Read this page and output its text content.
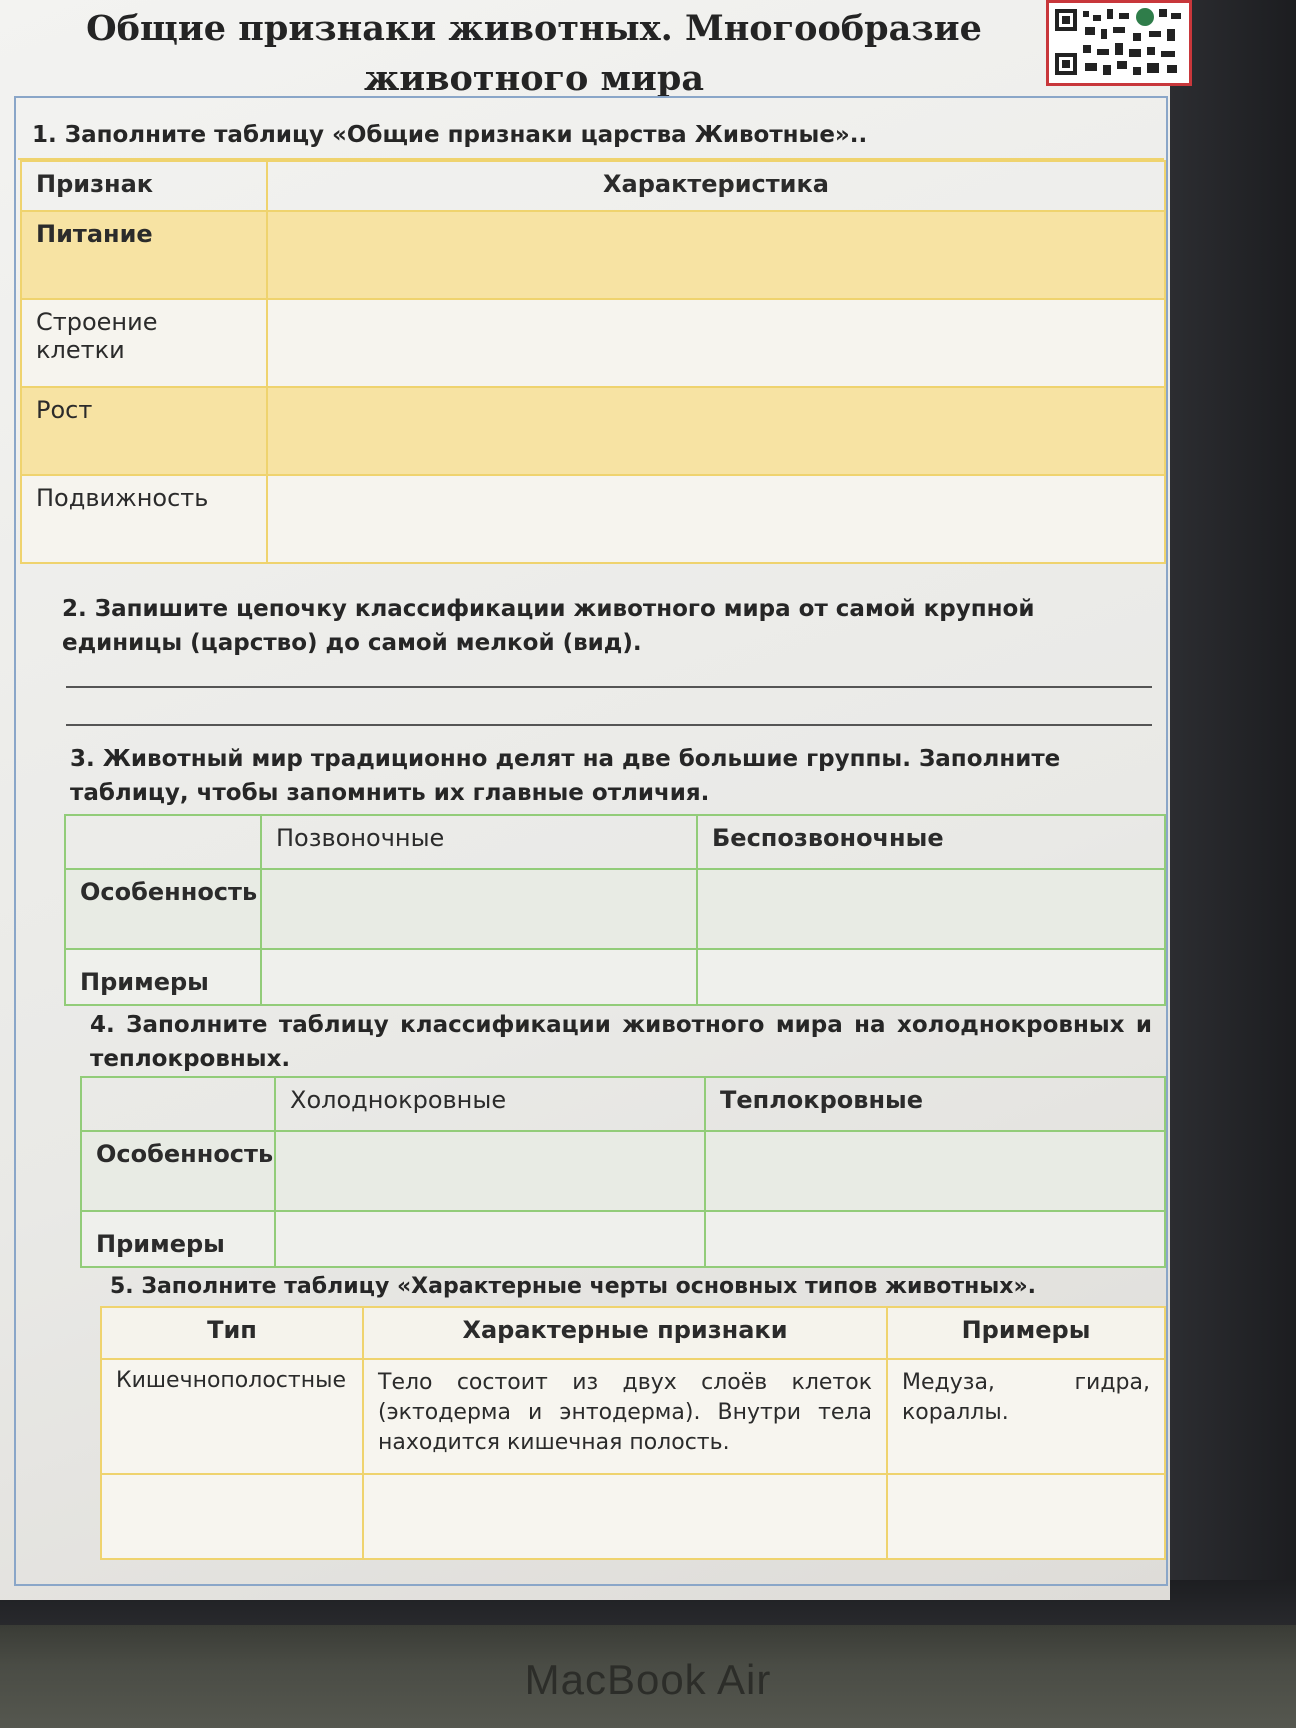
MacBook Air
Общие признаки животных. Многообразие животного мира
1. Заполните таблицу «Общие признаки царства Животные»..
Признак	Характеристика
Питание	
Строение клетки	
Рост	
Подвижность	
2. Запишите цепочку классификации животного мира от самой крупной единицы (царство) до самой мелкой (вид).
3. Животный мир традиционно делят на две большие группы. Заполните таблицу, чтобы запомнить их главные отличия.
	Позвоночные	Беспозвоночные
Особенность		
Примеры		
4. Заполните таблицу классификации животного мира на холоднокровных и теплокровных.
	Холоднокровные	Теплокровные
Особенность		
Примеры		
5. Заполните таблицу «Характерные черты основных типов животных».
Тип	Характерные признаки	Примеры
Кишечнополостные	Тело состоит из двух слоёв клеток (эктодерма и энтодерма). Внутри тела находится кишечная полость.	Медуза, гидра, кораллы.
